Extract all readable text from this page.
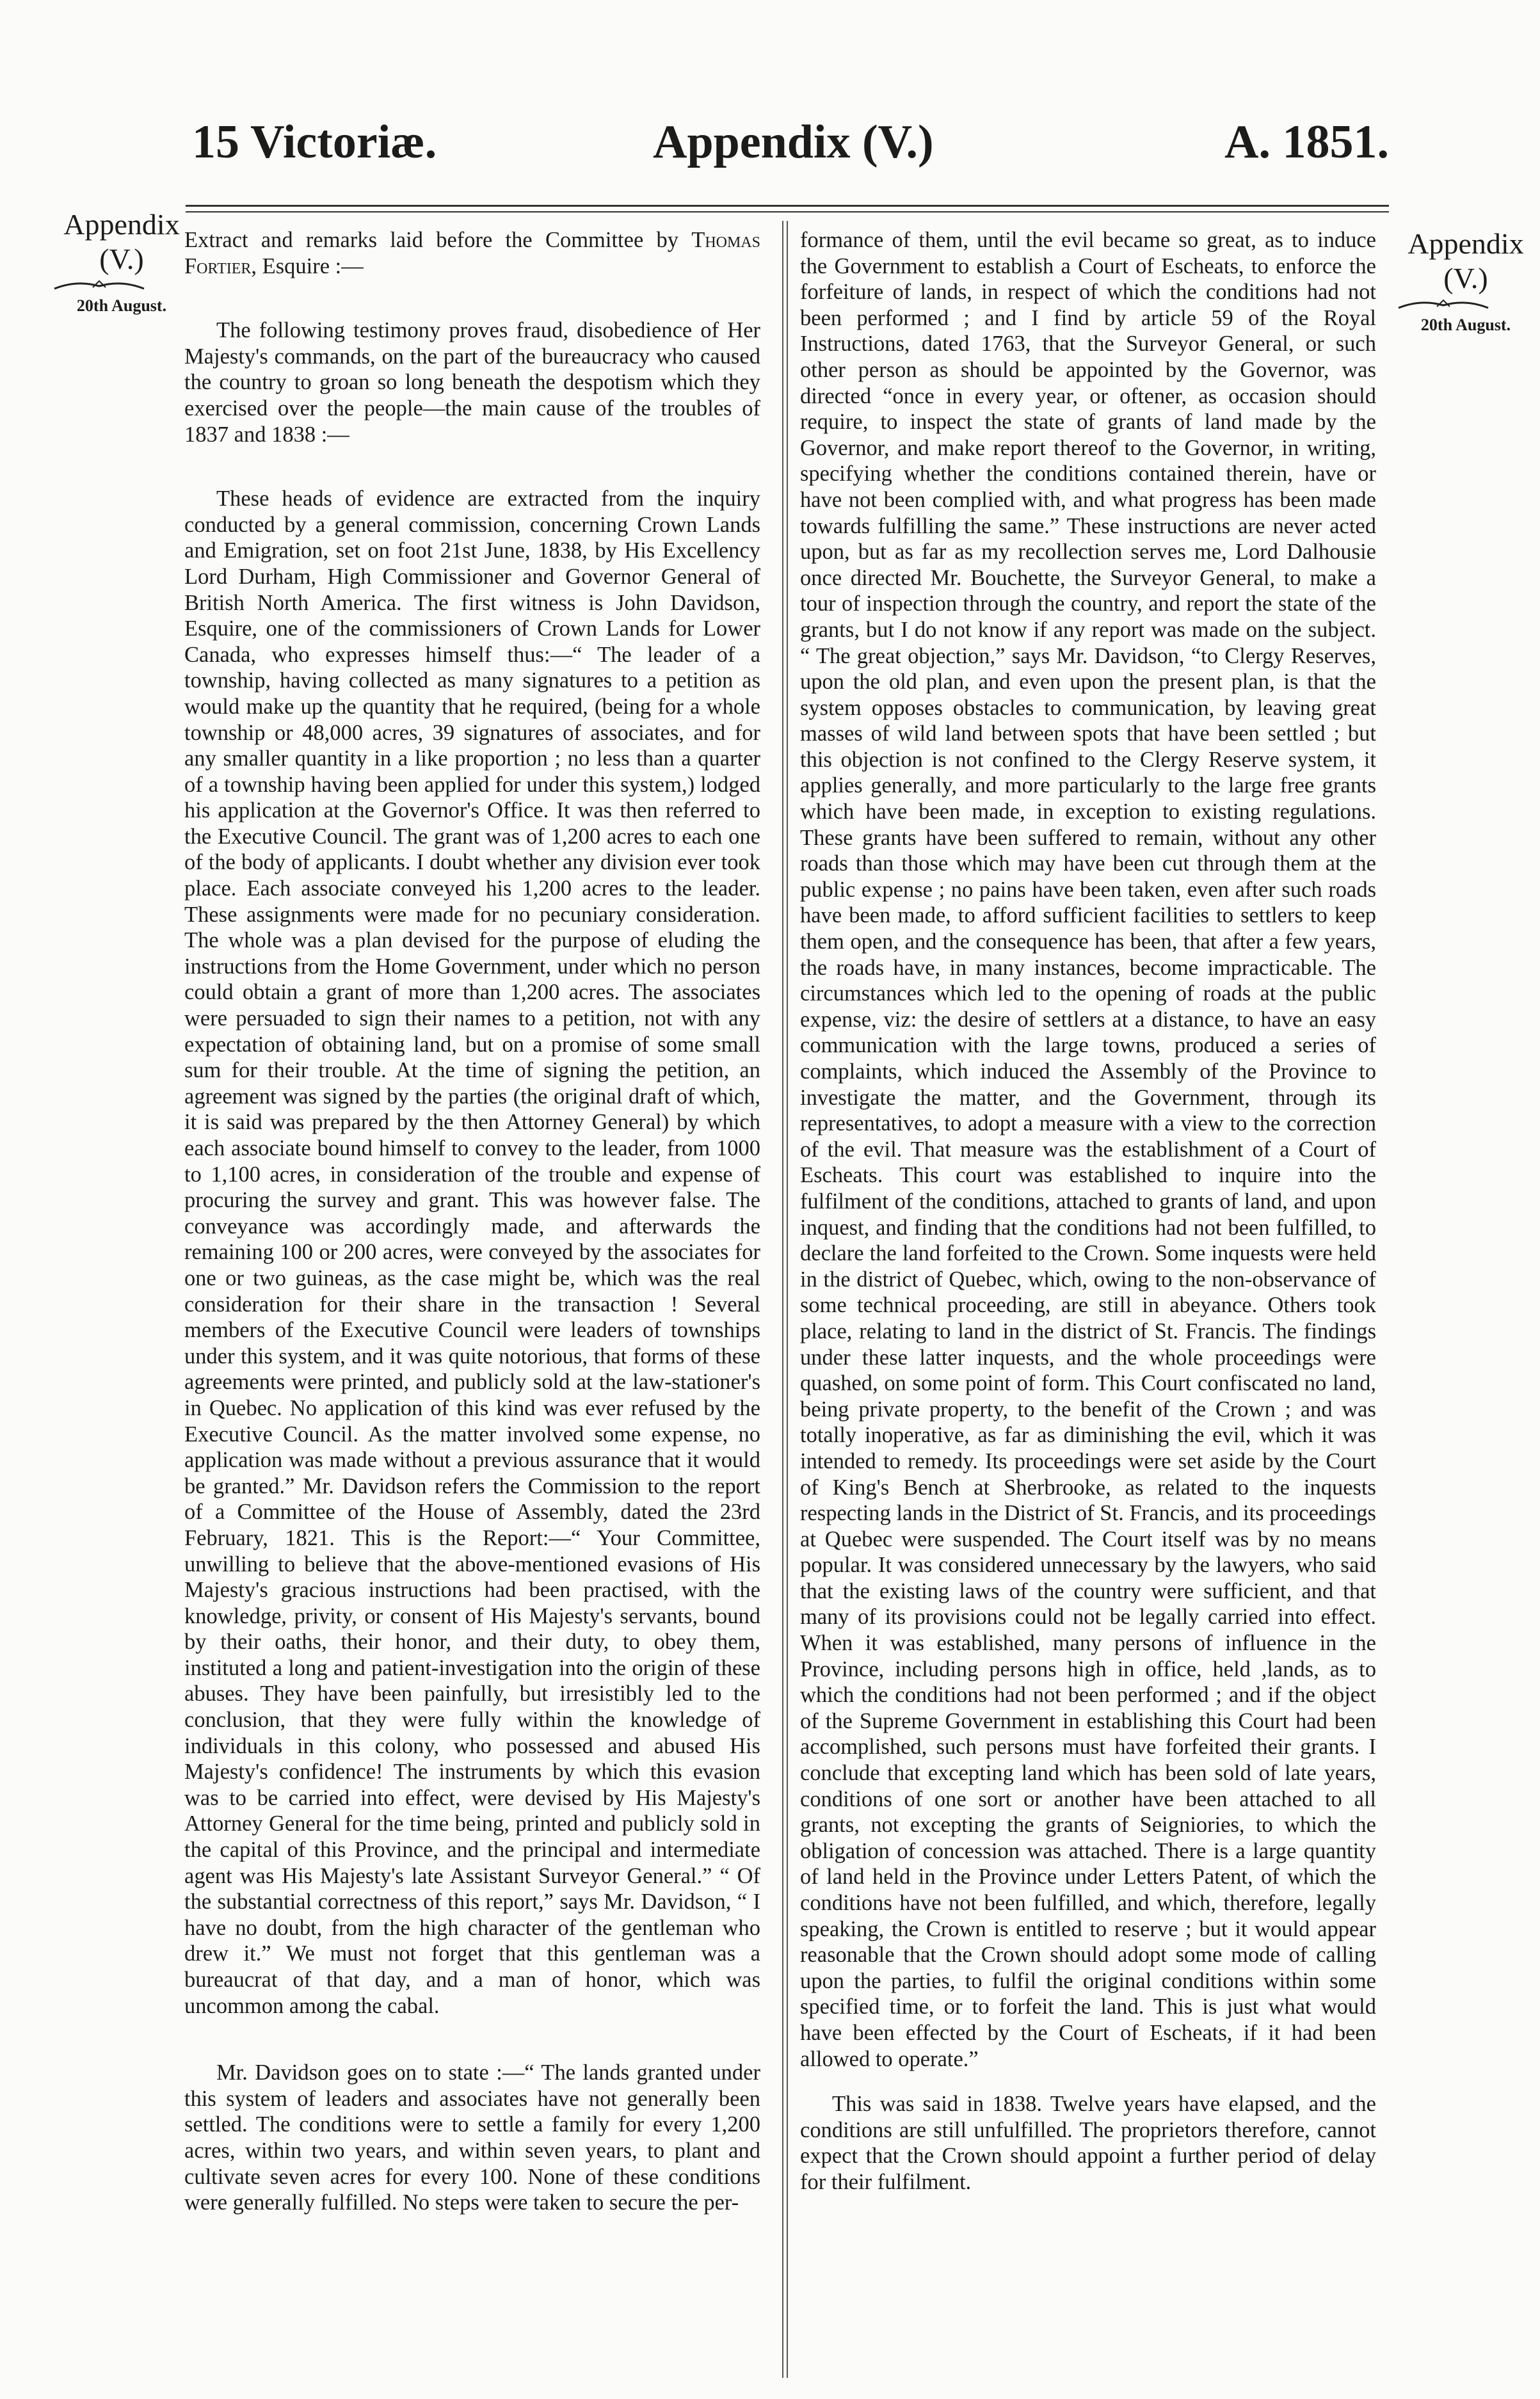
15 Victoriæ.	Appendix (V.)	A. 1851.
Appendix
(V.)
20th August.
Appendix
(V.)
20th August.

Extract and remarks laid before the Committee by Thomas Fortier, Esquire :—

The following testimony proves fraud, disobedience of Her Majesty's commands, on the part of the bureaucracy who caused the country to groan so long beneath the despotism which they exercised over the people—the main cause of the troubles of 1837 and 1838 :—

These heads of evidence are extracted from the inquiry conducted by a general commission, concerning Crown Lands and Emigration, set on foot 21st June, 1838, by His Excellency Lord Durham, High Commissioner and Governor General of British North America. The first witness is John Davidson, Esquire, one of the commissioners of Crown Lands for Lower Canada, who expresses himself thus:—“ The leader of a township, having collected as many signatures to a petition as would make up the quantity that he required, (being for a whole township or 48,000 acres, 39 signatures of associates, and for any smaller quantity in a like proportion ; no less than a quarter of a township having been applied for under this system,) lodged his application at the Governor's Office. It was then referred to the Executive Council. The grant was of 1,200 acres to each one of the body of applicants. I doubt whether any division ever took place. Each associate conveyed his 1,200 acres to the leader. These assignments were made for no pecuniary consideration. The whole was a plan devised for the purpose of eluding the instructions from the Home Government, under which no person could obtain a grant of more than 1,200 acres. The associates were persuaded to sign their names to a petition, not with any expectation of obtaining land, but on a promise of some small sum for their trouble. At the time of signing the petition, an agreement was signed by the parties (the original draft of which, it is said was prepared by the then Attorney General) by which each associate bound himself to convey to the leader, from 1000 to 1,100 acres, in consideration of the trouble and expense of procuring the survey and grant. This was however false. The conveyance was accordingly made, and afterwards the remaining 100 or 200 acres, were conveyed by the associates for one or two guineas, as the case might be, which was the real consideration for their share in the transaction ! Several members of the Executive Council were leaders of townships under this system, and it was quite notorious, that forms of these agreements were printed, and publicly sold at the law-stationer's in Quebec. No application of this kind was ever refused by the Executive Council. As the matter involved some expense, no application was made without a previous assurance that it would be granted.” Mr. Davidson refers the Commission to the report of a Committee of the House of Assembly, dated the 23rd February, 1821. This is the Report:—“ Your Committee, unwilling to believe that the above-mentioned evasions of His Majesty's gracious instructions had been practised, with the knowledge, privity, or consent of His Majesty's servants, bound by their oaths, their honor, and their duty, to obey them, instituted a long and patient-investigation into the origin of these abuses. They have been painfully, but irresistibly led to the conclusion, that they were fully within the knowledge of individuals in this colony, who possessed and abused His Majesty's confidence! The instruments by which this evasion was to be carried into effect, were devised by His Majesty's Attorney General for the time being, printed and publicly sold in the capital of this Province, and the principal and intermediate agent was His Majesty's late Assistant Surveyor General.” “ Of the substantial correctness of this report,” says Mr. Davidson, “ I have no doubt, from the high character of the gentleman who drew it.” We must not forget that this gentleman was a bureaucrat of that day, and a man of honor, which was uncommon among the cabal.

Mr. Davidson goes on to state :—“ The lands granted under this system of leaders and associates have not generally been settled. The conditions were to settle a family for every 1,200 acres, within two years, and within seven years, to plant and cultivate seven acres for every 100. None of these conditions were generally fulfilled. No steps were taken to secure the per-

formance of them, until the evil became so great, as to induce the Government to establish a Court of Escheats, to enforce the forfeiture of lands, in respect of which the conditions had not been performed ; and I find by article 59 of the Royal Instructions, dated 1763, that the Surveyor General, or such other person as should be appointed by the Governor, was directed “once in every year, or oftener, as occasion should require, to inspect the state of grants of land made by the Governor, and make report thereof to the Governor, in writing, specifying whether the conditions contained therein, have or have not been complied with, and what progress has been made towards fulfilling the same.” These instructions are never acted upon, but as far as my recollection serves me, Lord Dalhousie once directed Mr. Bouchette, the Surveyor General, to make a tour of inspection through the country, and report the state of the grants, but I do not know if any report was made on the subject. “ The great objection,” says Mr. Davidson, “to Clergy Reserves, upon the old plan, and even upon the present plan, is that the system opposes obstacles to communication, by leaving great masses of wild land between spots that have been settled ; but this objection is not confined to the Clergy Reserve system, it applies generally, and more particularly to the large free grants which have been made, in exception to existing regulations. These grants have been suffered to remain, without any other roads than those which may have been cut through them at the public expense ; no pains have been taken, even after such roads have been made, to afford sufficient facilities to settlers to keep them open, and the consequence has been, that after a few years, the roads have, in many instances, become impracticable. The circumstances which led to the opening of roads at the public expense, viz: the desire of settlers at a distance, to have an easy communication with the large towns, produced a series of complaints, which induced the Assembly of the Province to investigate the matter, and the Government, through its representatives, to adopt a measure with a view to the correction of the evil. That measure was the establishment of a Court of Escheats. This court was established to inquire into the fulfilment of the conditions, attached to grants of land, and upon inquest, and finding that the conditions had not been fulfilled, to declare the land forfeited to the Crown. Some inquests were held in the district of Quebec, which, owing to the non-observance of some technical proceeding, are still in abeyance. Others took place, relating to land in the district of St. Francis. The findings under these latter inquests, and the whole proceedings were quashed, on some point of form. This Court confiscated no land, being private property, to the benefit of the Crown ; and was totally inoperative, as far as diminishing the evil, which it was intended to remedy. Its proceedings were set aside by the Court of King's Bench at Sherbrooke, as related to the inquests respecting lands in the District of St. Francis, and its proceedings at Quebec were suspended. The Court itself was by no means popular. It was considered unnecessary by the lawyers, who said that the existing laws of the country were sufficient, and that many of its provisions could not be legally carried into effect. When it was established, many persons of influence in the Province, including persons high in office, held ,lands, as to which the conditions had not been performed ; and if the object of the Supreme Government in establishing this Court had been accomplished, such persons must have forfeited their grants. I conclude that excepting land which has been sold of late years, conditions of one sort or another have been attached to all grants, not excepting the grants of Seigniories, to which the obligation of concession was attached. There is a large quantity of land held in the Province under Letters Patent, of which the conditions have not been fulfilled, and which, therefore, legally speaking, the Crown is entitled to reserve ; but it would appear reasonable that the Crown should adopt some mode of calling upon the parties, to fulfil the original conditions within some specified time, or to forfeit the land. This is just what would have been effected by the Court of Escheats, if it had been allowed to operate.”

This was said in 1838. Twelve years have elapsed, and the conditions are still unfulfilled. The proprietors therefore, cannot expect that the Crown should appoint a further period of delay for their fulfilment.
